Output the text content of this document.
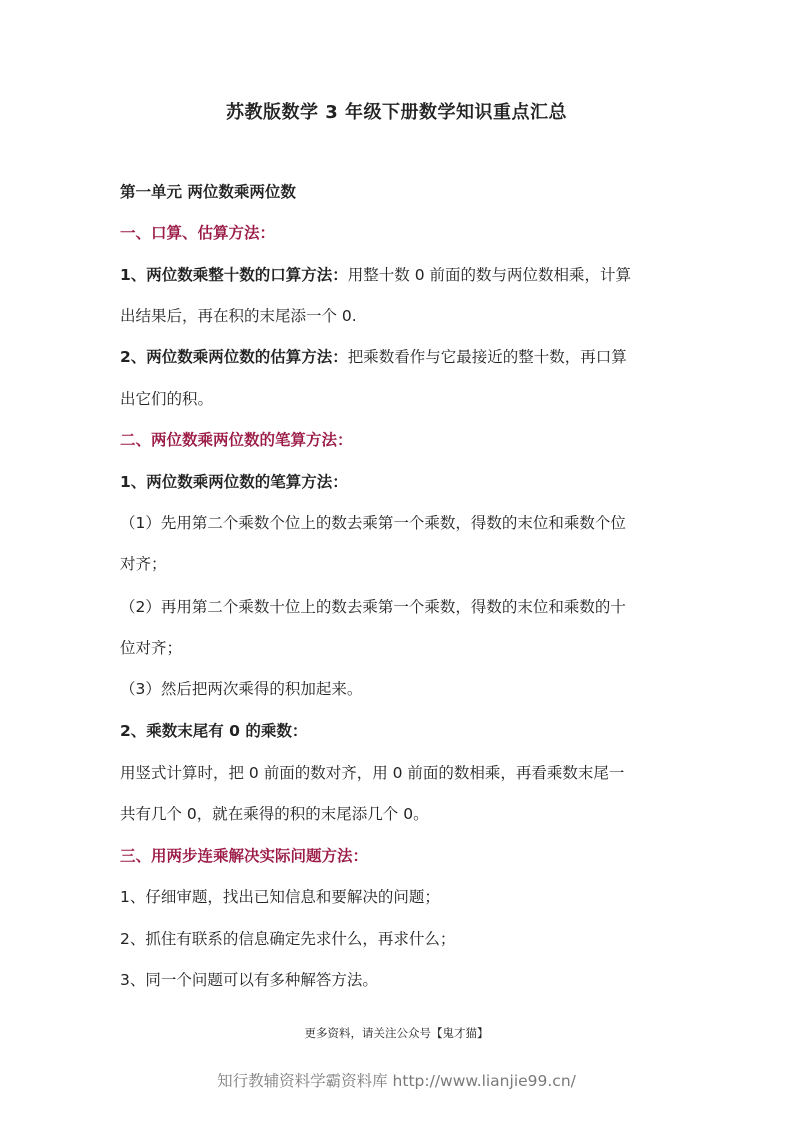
苏教版数学 3 年级下册数学知识重点汇总
第一单元 两位数乘两位数
一、口算、估算方法：
1、两位数乘整十数的口算方法：用整十数 0 前面的数与两位数相乘，计算
出结果后，再在积的末尾添一个 0.
2、两位数乘两位数的估算方法：把乘数看作与它最接近的整十数，再口算
出它们的积。
二、两位数乘两位数的笔算方法：
1、两位数乘两位数的笔算方法：
（1）先用第二个乘数个位上的数去乘第一个乘数，得数的末位和乘数个位
对齐；
（2）再用第二个乘数十位上的数去乘第一个乘数，得数的末位和乘数的十
位对齐；
（3）然后把两次乘得的积加起来。
2、乘数末尾有 0 的乘数：
用竖式计算时，把 0 前面的数对齐，用 0 前面的数相乘，再看乘数末尾一
共有几个 0，就在乘得的积的末尾添几个 0。
三、用两步连乘解决实际问题方法：
1、仔细审题，找出已知信息和要解决的问题；
2、抓住有联系的信息确定先求什么，再求什么；
3、同一个问题可以有多种解答方法。
更多资料，请关注公众号【鬼才猫】
知行教辅资料学霸资料库 http://www.lianjie99.cn/
